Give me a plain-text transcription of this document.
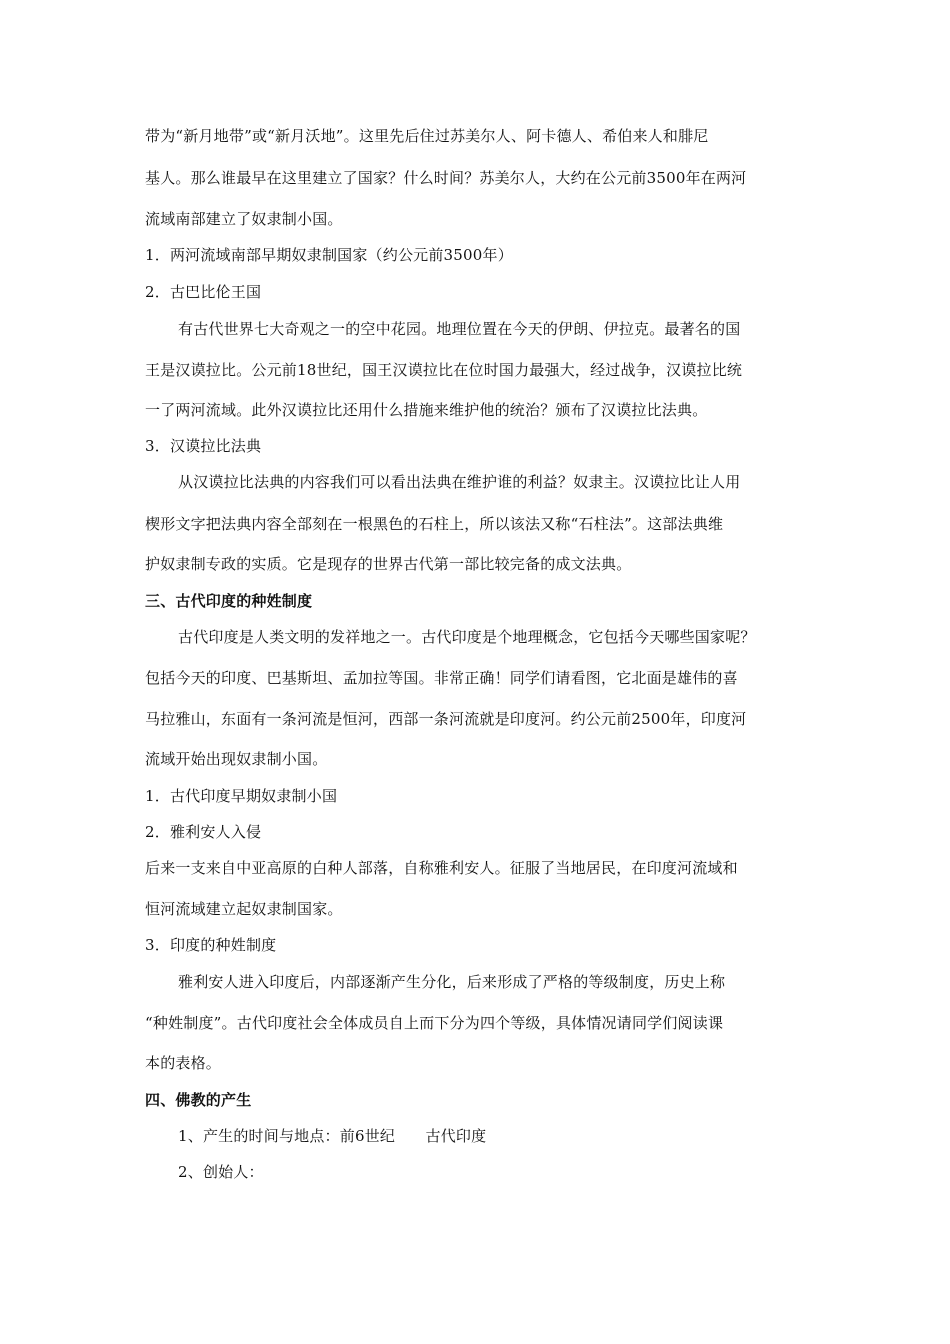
带为“新月地带”或“新月沃地”。这里先后住过苏美尔人、阿卡德人、希伯来人和腓尼
基人。那么谁最早在这里建立了国家？什么时间？苏美尔人，大约在公元前3500年在两河
流域南部建立了奴隶制小国。
1．两河流域南部早期奴隶制国家（约公元前3500年）
2．古巴比伦王国
有古代世界七大奇观之一的空中花园。地理位置在今天的伊朗、伊拉克。最著名的国
王是汉谟拉比。公元前18世纪，国王汉谟拉比在位时国力最强大，经过战争，汉谟拉比统
一了两河流域。此外汉谟拉比还用什么措施来维护他的统治？颁布了汉谟拉比法典。
3．汉谟拉比法典
从汉谟拉比法典的内容我们可以看出法典在维护谁的利益？奴隶主。汉谟拉比让人用
楔形文字把法典内容全部刻在一根黑色的石柱上，所以该法又称“石柱法”。这部法典维
护奴隶制专政的实质。它是现存的世界古代第一部比较完备的成文法典。
三、古代印度的种姓制度
古代印度是人类文明的发祥地之一。古代印度是个地理概念，它包括今天哪些国家呢？
包括今天的印度、巴基斯坦、孟加拉等国。非常正确！同学们请看图，它北面是雄伟的喜
马拉雅山，东面有一条河流是恒河，西部一条河流就是印度河。约公元前2500年，印度河
流域开始出现奴隶制小国。
1．古代印度早期奴隶制小国
2．雅利安人入侵
后来一支来自中亚高原的白种人部落，自称雅利安人。征服了当地居民，在印度河流域和
恒河流域建立起奴隶制国家。
3．印度的种姓制度
雅利安人进入印度后，内部逐渐产生分化，后来形成了严格的等级制度，历史上称
“种姓制度”。古代印度社会全体成员自上而下分为四个等级，具体情况请同学们阅读课
本的表格。
四、佛教的产生
1、产生的时间与地点：前6世纪　　古代印度
2、创始人：
